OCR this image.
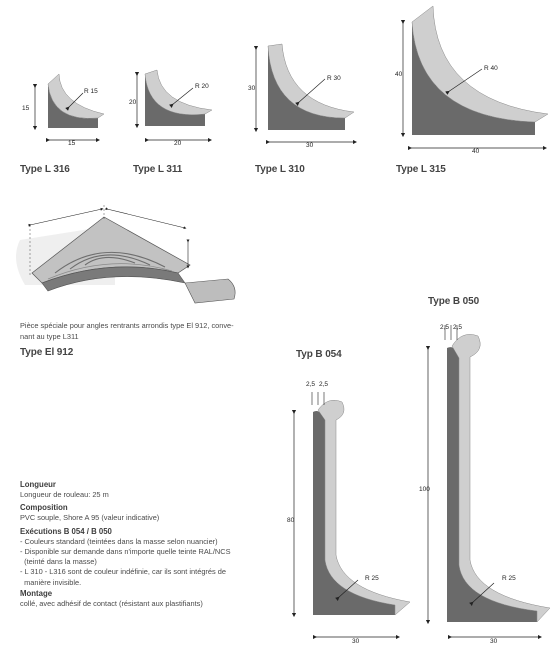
15
15
R 15
20
20
R 20	30
30
R 30
40
40
R 40
Type L 316	Type L 311	Type L 310	Type L 315
Pièce spéciale pour angles rentrants arrondis type El 912, conve-
nant au type L311
Type El 912
Type B 050
Typ B 054
2,5 2,5
80
R 25
30
2,5 2,5
100
R 25
30
Longueur
Longueur de rouleau: 25 m
Composition
PVC souple, Shore A 95 (valeur indicative)
Exécutions B 054 / B 050
- Couleurs standard (teintées dans la masse selon nuancier)
- Disponible sur demande dans n'importe quelle teinte RAL/NCS
(teinté dans la masse)
- L 310 - L316 sont de couleur indéfinie, car ils sont intégrés de
manière invisible.
Montage
collé, avec adhésif de contact (résistant aux plastifiants)
